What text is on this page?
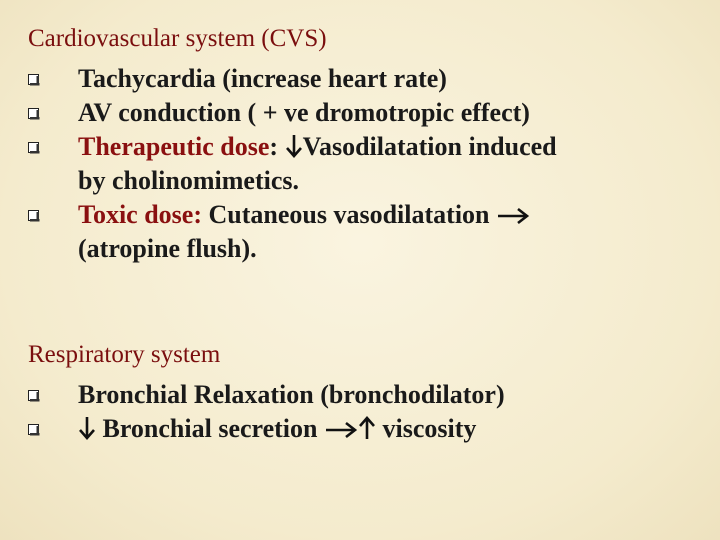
Cardiovascular system (CVS)
Tachycardia (increase heart rate)
AV conduction ( + ve dromotropic effect)
Therapeutic dose: Vasodilatation induced
by cholinomimetics.
Toxic dose: Cutaneous vasodilatation
(atropine flush).
Respiratory system
Bronchial Relaxation (bronchodilator)
Bronchial secretion	viscosity
